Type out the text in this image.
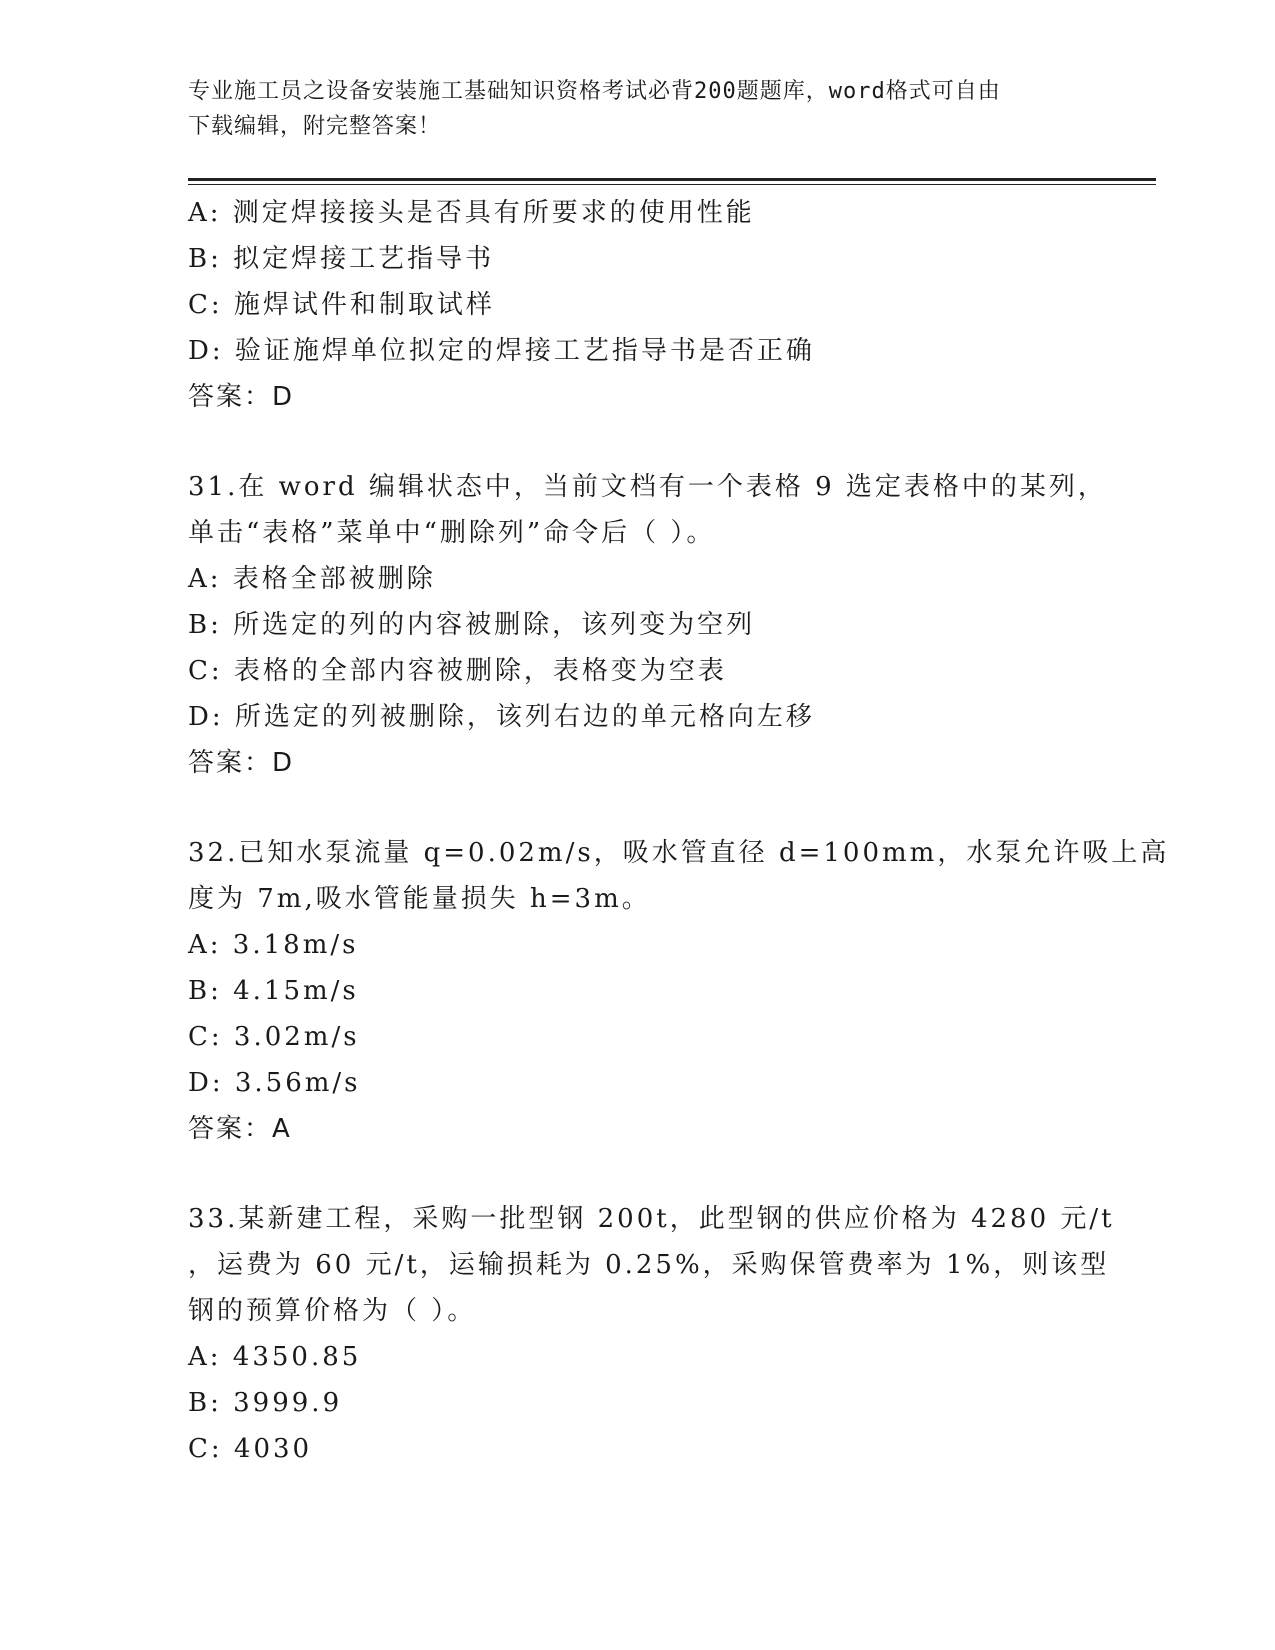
专业施工员之设备安装施工基础知识资格考试必背200题题库，word格式可自由
下载编辑，附完整答案！
A: 测定焊接接头是否具有所要求的使用性能
B: 拟定焊接工艺指导书
C: 施焊试件和制取试样
D: 验证施焊单位拟定的焊接工艺指导书是否正确
答案：D
31.在 word 编辑状态中，当前文档有一个表格 9 选定表格中的某列，
单击“表格”菜单中“删除列”命令后（ ）。
A: 表格全部被删除
B: 所选定的列的内容被删除，该列变为空列
C: 表格的全部内容被删除，表格变为空表
D: 所选定的列被删除，该列右边的单元格向左移
答案：D
32.已知水泵流量 q=0.02m/s，吸水管直径 d=100mm，水泵允许吸上高
度为 7m,吸水管能量损失 h=3m。
A: 3.18m/s
B: 4.15m/s
C: 3.02m/s
D: 3.56m/s
答案：A
33.某新建工程，采购一批型钢 200t，此型钢的供应价格为 4280 元/t
，运费为 60 元/t，运输损耗为 0.25%，采购保管费率为 1%，则该型
钢的预算价格为（ ）。
A: 4350.85
B: 3999.9
C: 4030
